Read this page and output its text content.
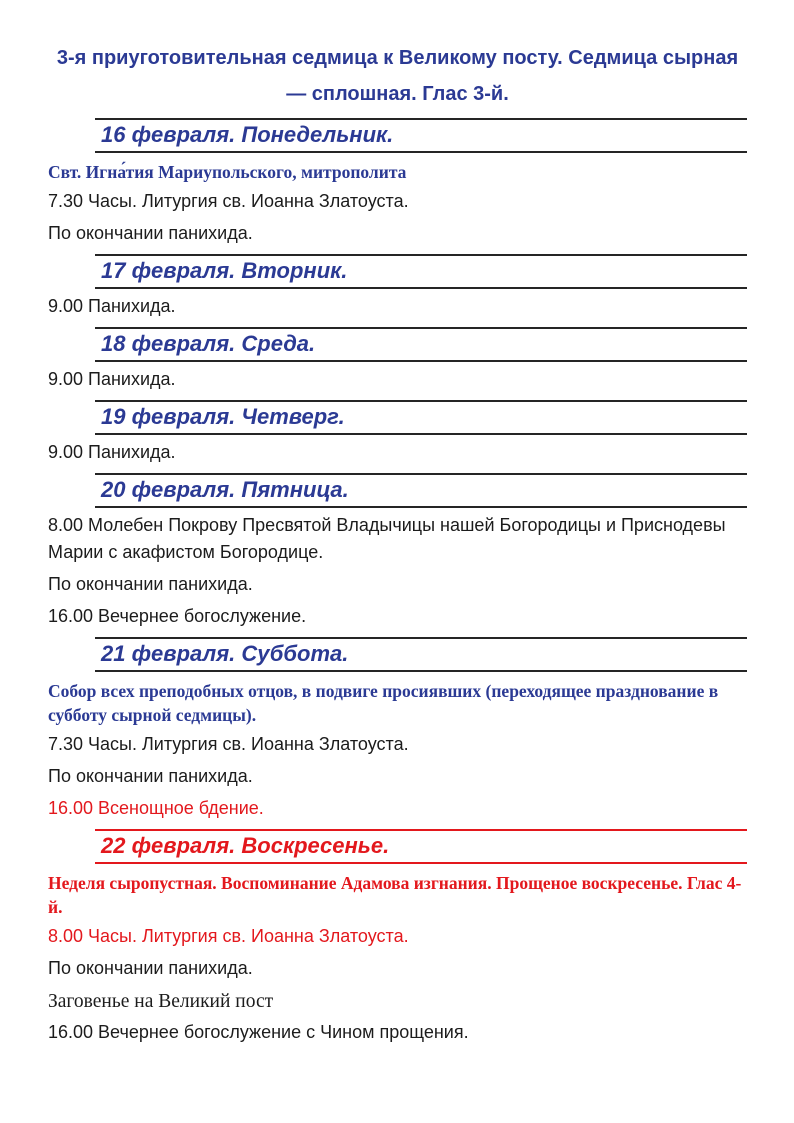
3-я приуготовительная седмица к Великому посту. Седмица сырная
— сплошная. Глас 3-й.
16 февраля. Понедельник.

Свт. Игна́тия Мариупольского, митрополита

7.30 Часы. Литургия св. Иоанна Златоуста.

По окончании панихида.

17 февраля. Вторник.

9.00 Панихида.

18 февраля. Среда.

9.00 Панихида.

19 февраля. Четверг.

9.00 Панихида.

20 февраля. Пятница.

8.00 Молебен Покрову Пресвятой Владычицы нашей Богородицы и Приснодевы Марии с акафистом Богородице.

По окончании панихида.

16.00 Вечернее богослужение.

21 февраля. Суббота.

Собор всех преподобных отцов, в подвиге просиявших (переходящее празднование в субботу сырной седмицы).

7.30 Часы. Литургия св. Иоанна Златоуста.

По окончании панихида.

16.00 Всенощное бдение.

22 февраля. Воскресенье.

Неделя сыропустная. Воспоминание Адамова изгнания. Прощеное воскресенье. Глас 4-й.

8.00 Часы. Литургия св. Иоанна Златоуста.

По окончании панихида.

Заговенье на Великий пост

16.00 Вечернее богослужение с Чином прощения.
